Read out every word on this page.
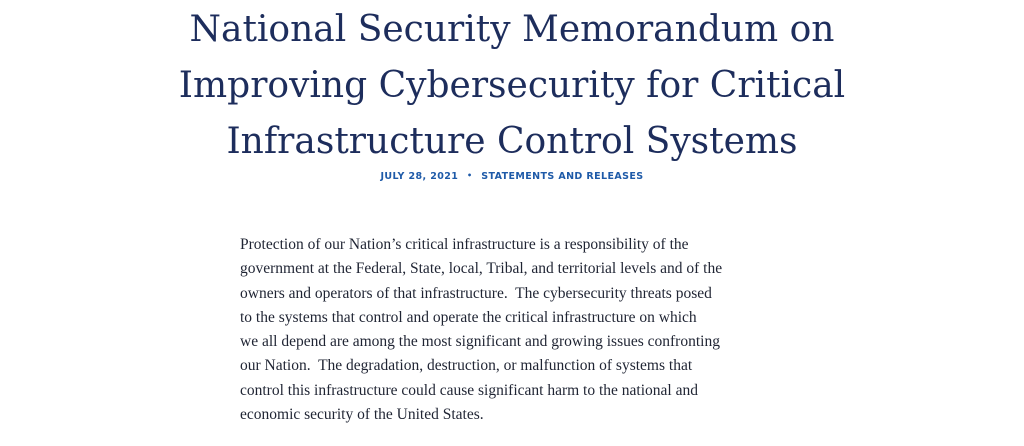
National Security Memorandum on
Improving Cybersecurity for Critical
Infrastructure Control Systems
JULY 28, 2021 • STATEMENTS AND RELEASES

Protection of our Nation’s critical infrastructure is a responsibility of the
government at the Federal, State, local, Tribal, and territorial levels and of the
owners and operators of that infrastructure.  The cybersecurity threats posed
to the systems that control and operate the critical infrastructure on which
we all depend are among the most significant and growing issues confronting
our Nation.  The degradation, destruction, or malfunction of systems that
control this infrastructure could cause significant harm to the national and
economic security of the United States.
